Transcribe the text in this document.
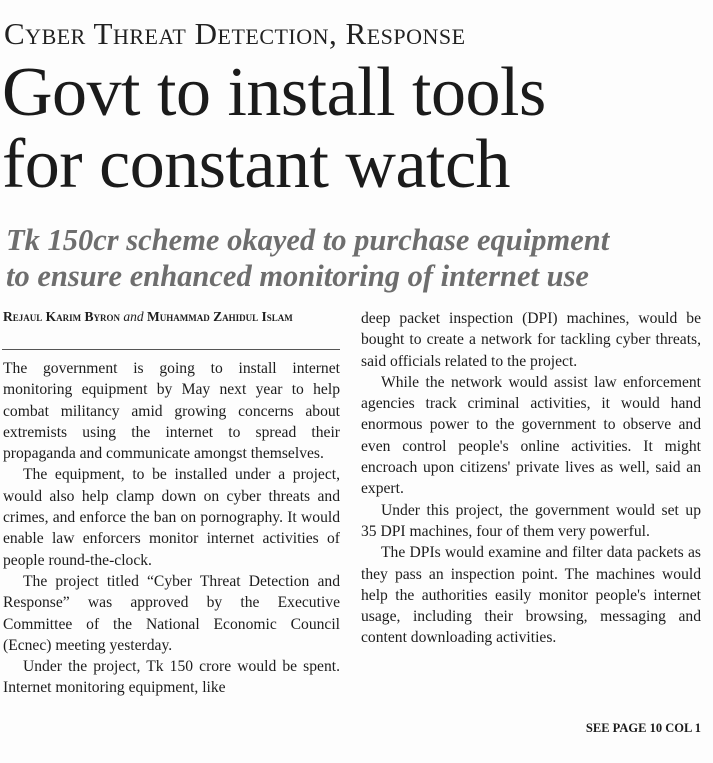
Cyber Threat Detection, Response
Govt to install tools
for constant watch
Tk 150cr scheme okayed to purchase equipment
to ensure enhanced monitoring of internet use
Rejaul Karim Byron and Muhammad Zahidul Islam

The government is going to install internet monitoring equipment by May next year to help combat militancy amid growing concerns about extremists using the internet to spread their propaganda and communicate amongst themselves.

The equipment, to be installed under a project, would also help clamp down on cyber threats and crimes, and enforce the ban on pornography. It would enable law enforcers monitor internet activities of people round-the-clock.

The project titled “Cyber Threat Detection and Response” was approved by the Executive Committee of the National Economic Council (Ecnec) meeting yesterday.

Under the project, Tk 150 crore would be spent. Internet monitoring equipment, like

deep packet inspection (DPI) machines, would be bought to create a network for tackling cyber threats, said officials related to the project.

While the network would assist law enforcement agencies track criminal activities, it would hand enormous power to the government to observe and even control people's online activities. It might encroach upon citizens' private lives as well, said an expert.

Under this project, the government would set up 35 DPI machines, four of them very powerful.

The DPIs would examine and filter data packets as they pass an inspection point. The machines would help the authorities easily monitor people's internet usage, including their browsing, messaging and content downloading activities.

SEE PAGE 10 COL 1
